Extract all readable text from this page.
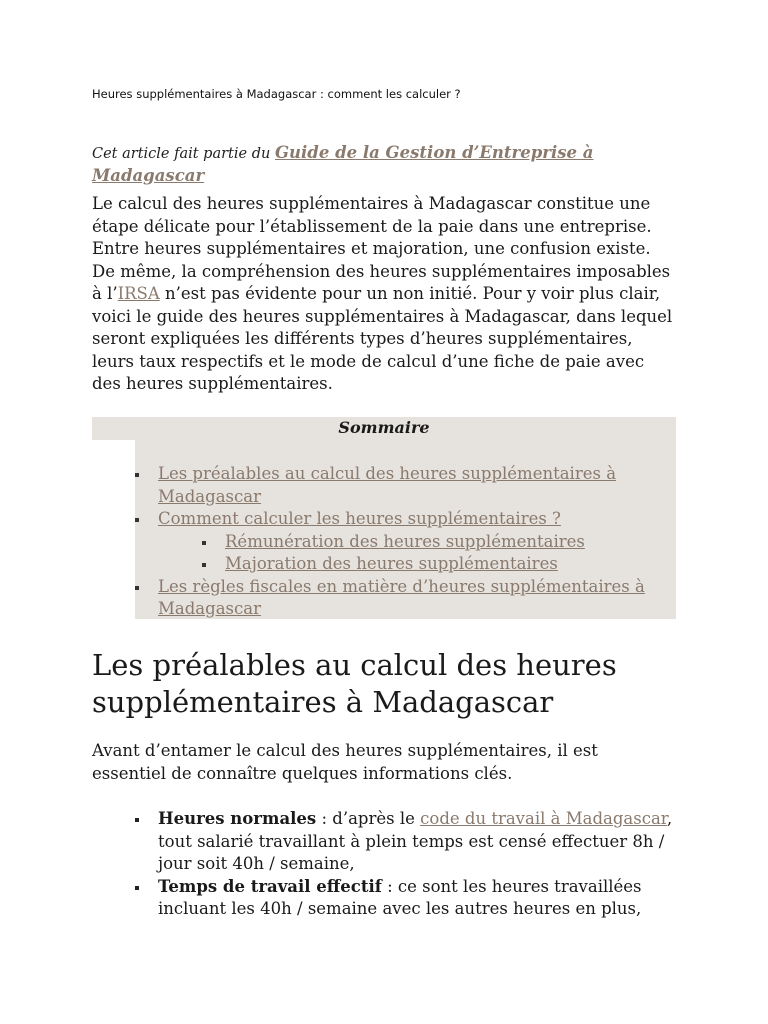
Heures supplémentaires à Madagascar : comment les calculer ?
Cet article fait partie du Guide de la Gestion d’Entreprise à Madagascar

Le calcul des heures supplémentaires à Madagascar constitue une étape délicate pour l’établissement de la paie dans une entreprise. Entre heures supplémentaires et majoration, une confusion existe. De même, la compréhension des heures supplémentaires imposables à l’IRSA n’est pas évidente pour un non initié. Pour y voir plus clair, voici le guide des heures supplémentaires à Madagascar, dans lequel seront expliquées les différents types d’heures supplémentaires, leurs taux respectifs et le mode de calcul d’une fiche de paie avec des heures supplémentaires.

Sommaire
Les préalables au calcul des heures supplémentaires à Madagascar
Comment calculer les heures supplémentaires ?
Rémunération des heures supplémentaires
Majoration des heures supplémentaires
Les règles fiscales en matière d’heures supplémentaires à Madagascar
Les préalables au calcul des heures supplémentaires à Madagascar

Avant d’entamer le calcul des heures supplémentaires, il est essentiel de connaître quelques informations clés.

Heures normales : d’après le code du travail à Madagascar, tout salarié travaillant à plein temps est censé effectuer 8h / jour soit 40h / semaine,
Temps de travail effectif : ce sont les heures travaillées incluant les 40h / semaine avec les autres heures en plus,
